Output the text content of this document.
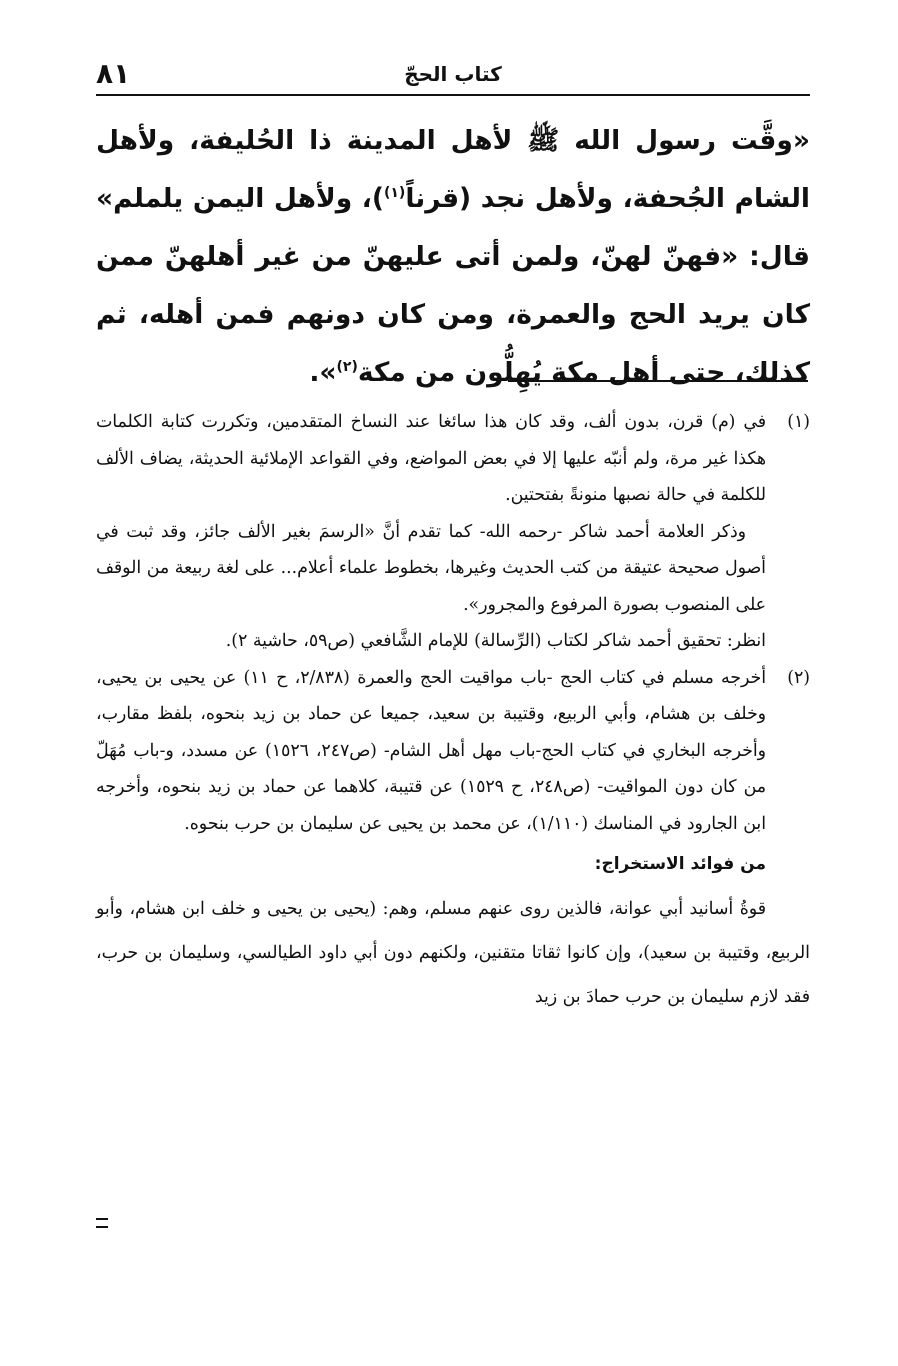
كتاب الحجّ
٨١
«وقَّت رسول الله ﷺ لأهل المدينة ذا الحُليفة، ولأهل الشام الجُحفة، ولأهل نجد (قرناً$^{(١)}$)، ولأهل اليمن يلملم» قال: «فهنّ لهنّ، ولمن أتى عليهنّ من غير أهلهنّ ممن كان يريد الحج والعمرة، ومن كان دونهم فمن أهله، ثم كذلك، حتى أهل مكة يُهِلُّون من مكة$^{(٢)}$».

(١)في (م) قرن، بدون ألف، وقد كان هذا سائغا عند النساخ المتقدمين، وتكررت كتابة الكلمات هكذا غير مرة، ولم أنبّه عليها إلا في بعض المواضع، وفي القواعد الإملائية الحديثة، يضاف الألف للكلمة في حالة نصبها منونةً بفتحتين.

وذكر العلامة أحمد شاكر -رحمه الله- كما تقدم أنَّ «الرسمَ بغير الألف جائز، وقد ثبت في أصول صحيحة عتيقة من كتب الحديث وغيرها، بخطوط علماء أعلام... على لغة ربيعة من الوقف على المنصوب بصورة المرفوع والمجرور».

انظر: تحقيق أحمد شاكر لكتاب (الرِّسالة) للإمام الشَّافعي (ص٥٩، حاشية ٢).

(٢)أخرجه مسلم في كتاب الحج -باب مواقيت الحج والعمرة (٢/٨٣٨، ح ١١) عن يحيى بن يحيى، وخلف بن هشام، وأبي الربيع، وقتيبة بن سعيد، جميعا عن حماد بن زيد بنحوه، بلفظ مقارب، وأخرجه البخاري في كتاب الحج-باب مهل أهل الشام- (ص٢٤٧، ١٥٢٦) عن مسدد، و-باب مُهَلّ من كان دون المواقيت- (ص٢٤٨، ح ١٥٢٩) عن قتيبة، كلاهما عن حماد بن زيد بنحوه، وأخرجه ابن الجارود في المناسك (١/١١٠)، عن محمد بن يحيى عن سليمان بن حرب بنحوه.

من فوائد الاستخراج:

قوةُ أسانيد أبي عوانة، فالذين روى عنهم مسلم، وهم: (يحيى بن يحيى و خلف ابن هشام، وأبو الربيع، وقتيبة بن سعيد)، وإن كانوا ثقاتا متقنين، ولكنهم دون أبي داود الطيالسي، وسليمان بن حرب، فقد لازم سليمان بن حرب حمادَ بن زيد
